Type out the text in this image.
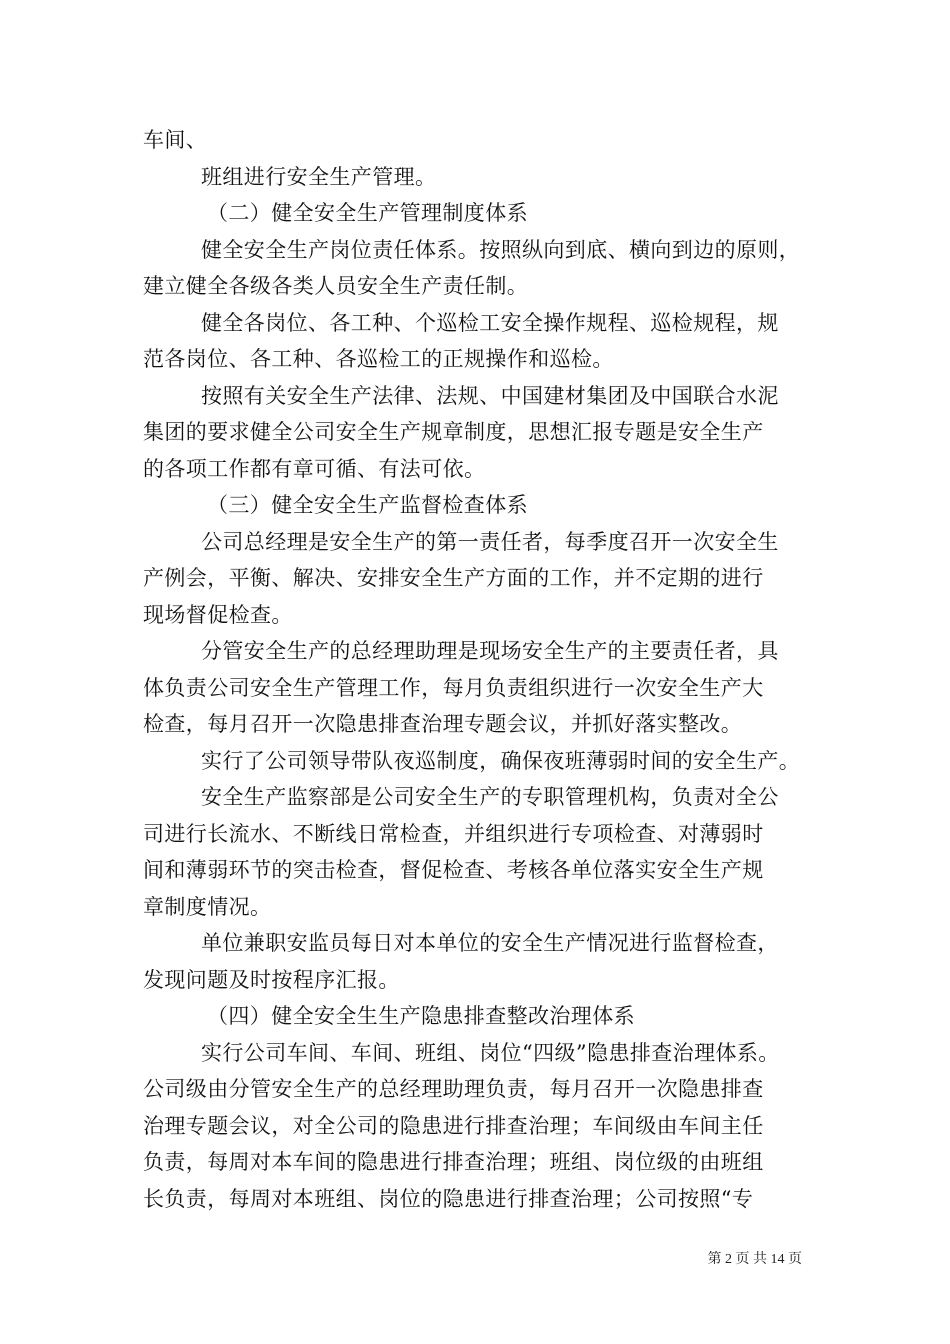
车间、
班组进行安全生产管理。
（二）健全安全生产管理制度体系
健全安全生产岗位责任体系。按照纵向到底、横向到边的原则，
建立健全各级各类人员安全生产责任制。
健全各岗位、各工种、个巡检工安全操作规程、巡检规程，规
范各岗位、各工种、各巡检工的正规操作和巡检。
按照有关安全生产法律、法规、中国建材集团及中国联合水泥
集团的要求健全公司安全生产规章制度，思想汇报专题是安全生产
的各项工作都有章可循、有法可依。
（三）健全安全生产监督检查体系
公司总经理是安全生产的第一责任者，每季度召开一次安全生
产例会，平衡、解决、安排安全生产方面的工作，并不定期的进行
现场督促检查。
分管安全生产的总经理助理是现场安全生产的主要责任者，具
体负责公司安全生产管理工作，每月负责组织进行一次安全生产大
检查，每月召开一次隐患排查治理专题会议，并抓好落实整改。
实行了公司领导带队夜巡制度，确保夜班薄弱时间的安全生产。
安全生产监察部是公司安全生产的专职管理机构，负责对全公
司进行长流水、不断线日常检查，并组织进行专项检查、对薄弱时
间和薄弱环节的突击检查，督促检查、考核各单位落实安全生产规
章制度情况。
单位兼职安监员每日对本单位的安全生产情况进行监督检查，
发现问题及时按程序汇报。
（四）健全安全生生产隐患排查整改治理体系
实行公司车间、车间、班组、岗位“四级”隐患排查治理体系。
公司级由分管安全生产的总经理助理负责，每月召开一次隐患排查
治理专题会议，对全公司的隐患进行排查治理；车间级由车间主任
负责，每周对本车间的隐患进行排查治理；班组、岗位级的由班组
长负责，每周对本班组、岗位的隐患进行排查治理；公司按照“专
第 2 页 共 14 页
